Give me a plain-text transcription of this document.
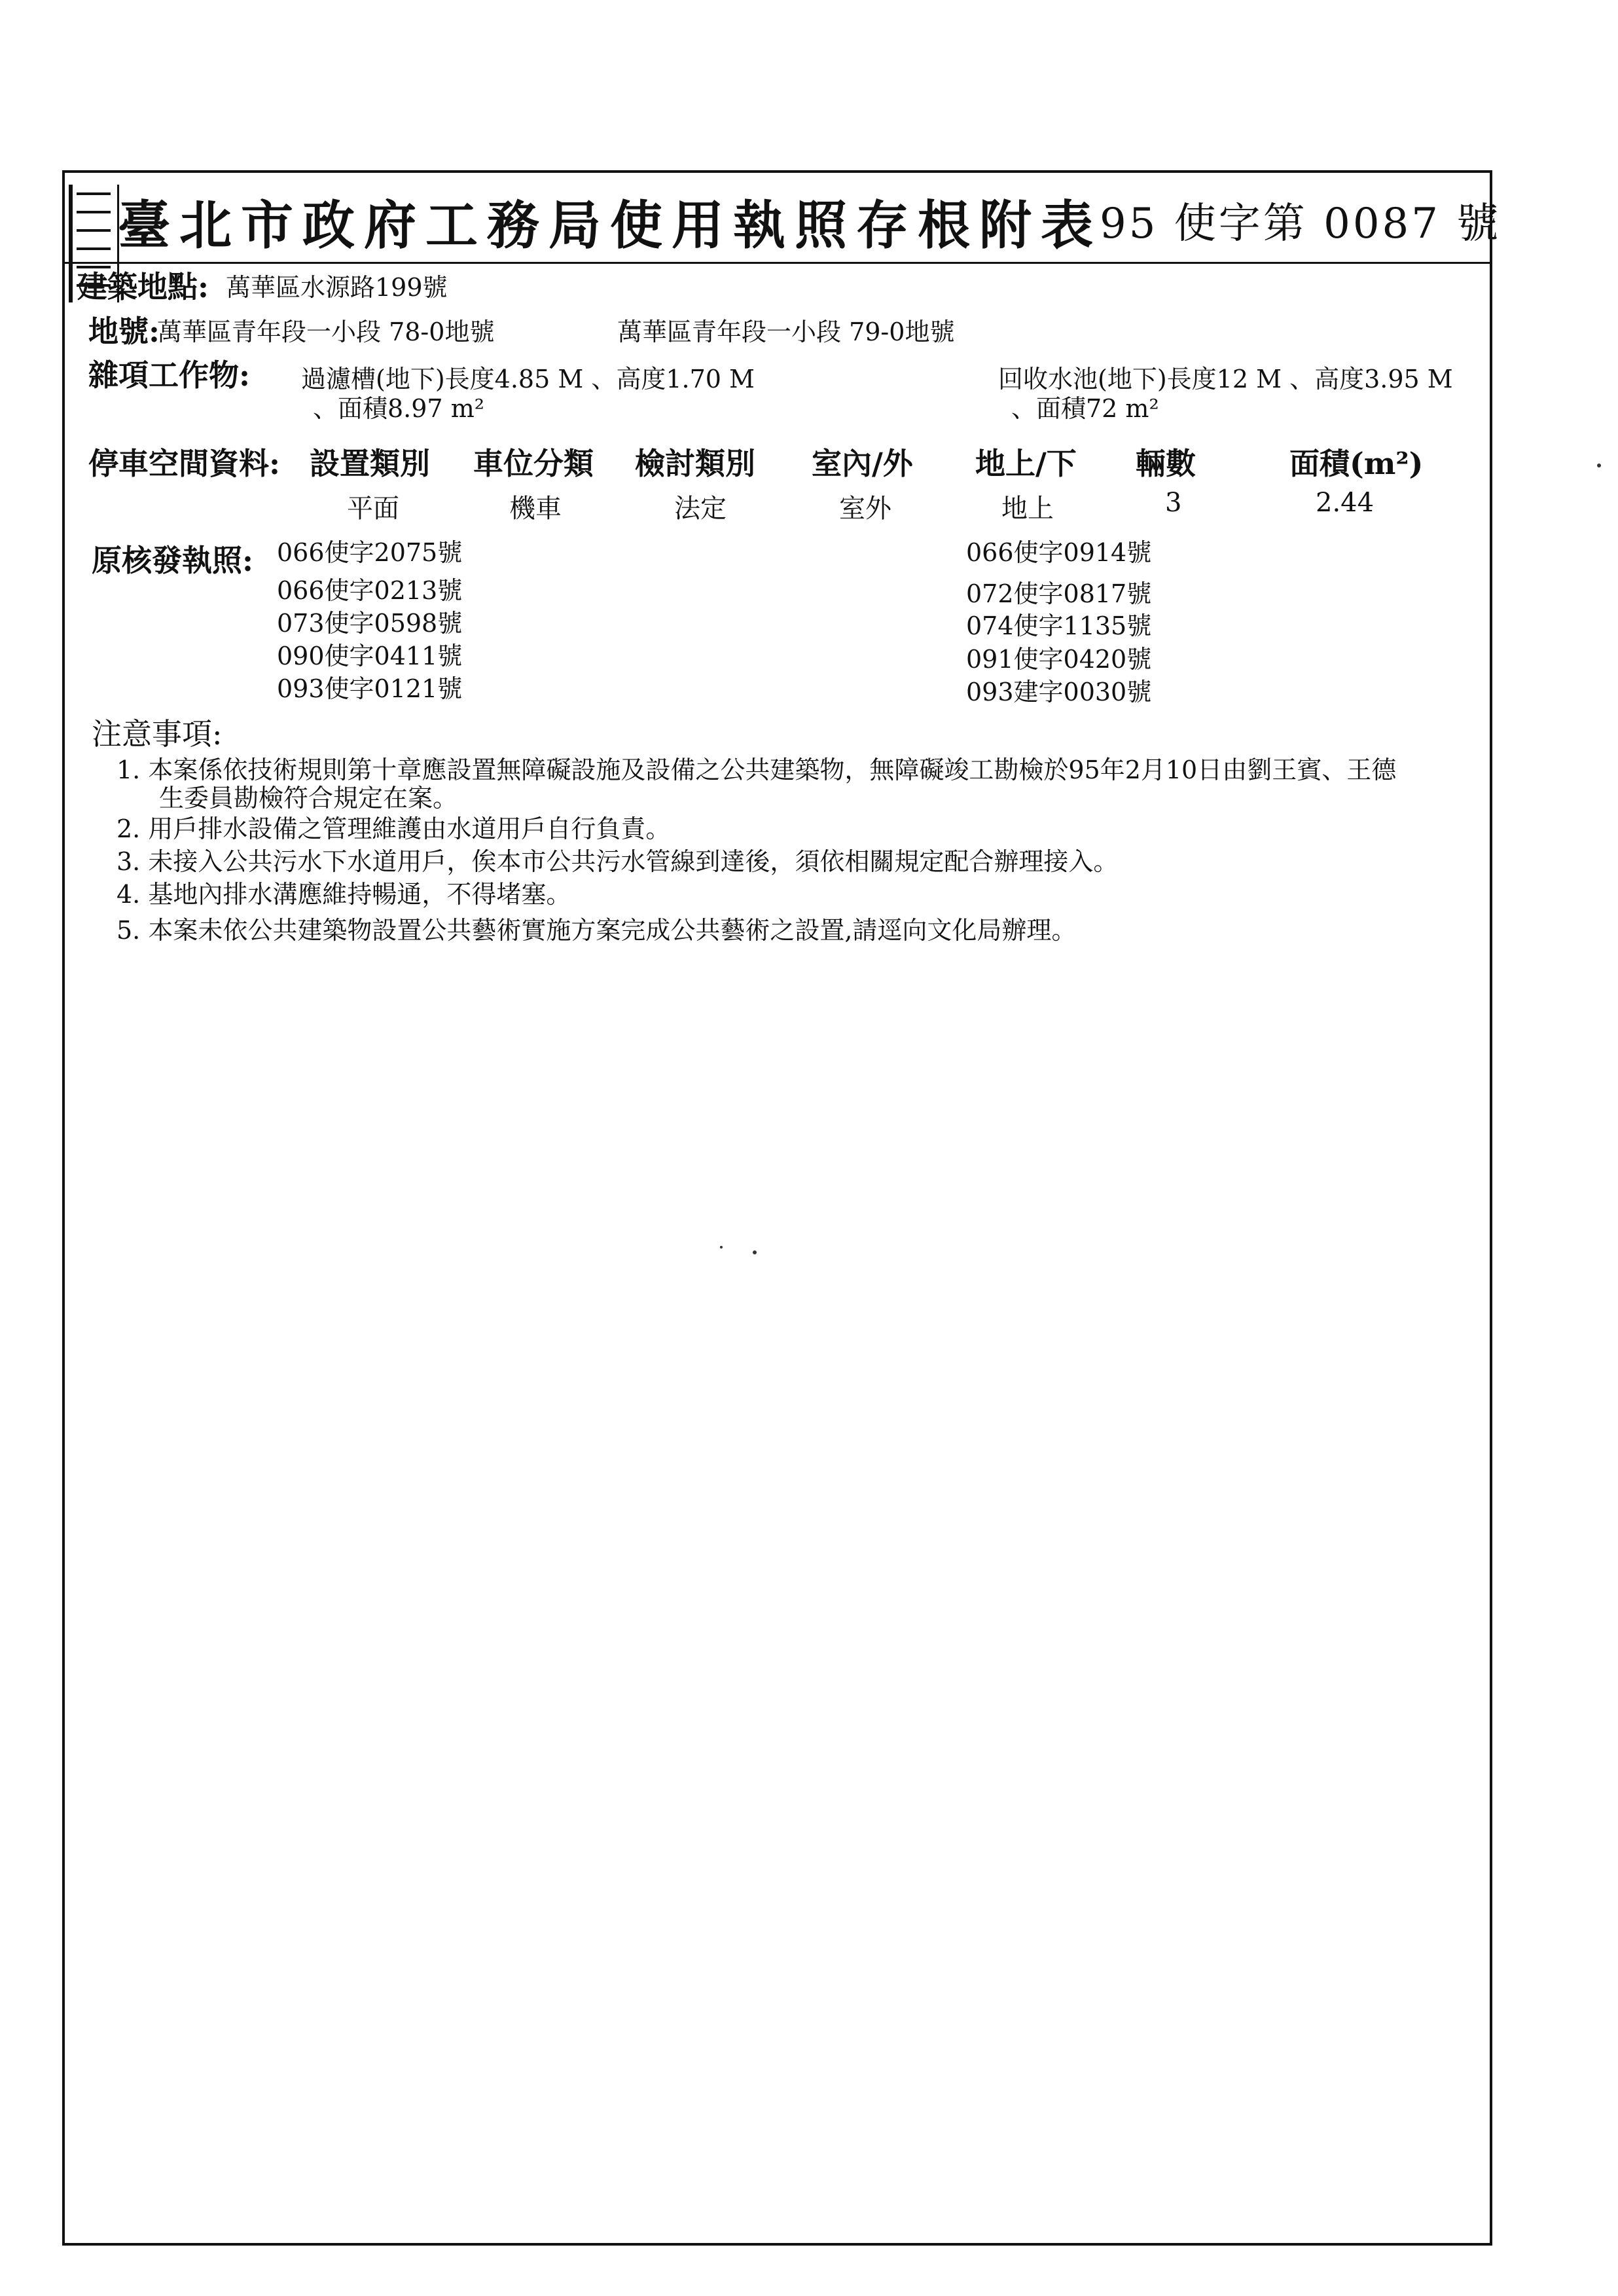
臺北市政府工務局使用執照存根附表
95 使字第 0087 號
建築地點: 萬華區水源路199號
地號:
萬華區青年段一小段 78-0地號	萬華區青年段一小段 79-0地號
雜項工作物: 過濾槽(地下)長度4.85 M 、高度1.70 M
、面積8.97 m²
回收水池(地下)長度12 M 、高度3.95 M
、面積72 m²
停車空間資料: 設置類別 車位分類 檢討類別 室內/外 地上/下 輛數	面積(m²)
平面	機車	法定	室外	地上	3	2.44
原核發執照: 066使字2075號
066使字0213號
073使字0598號
090使字0411號
093使字0121號
066使字0914號
072使字0817號
074使字1135號
091使字0420號
093建字0030號
注意事項:
1. 本案係依技術規則第十章應設置無障礙設施及設備之公共建築物，無障礙竣工勘檢於95年2月10日由劉王賓、王德
生委員勘檢符合規定在案。
2. 用戶排水設備之管理維護由水道用戶自行負責。
3. 未接入公共污水下水道用戶，俟本市公共污水管線到達後，須依相關規定配合辦理接入。
4. 基地內排水溝應維持暢通，不得堵塞。
5. 本案未依公共建築物設置公共藝術實施方案完成公共藝術之設置,請逕向文化局辦理。
